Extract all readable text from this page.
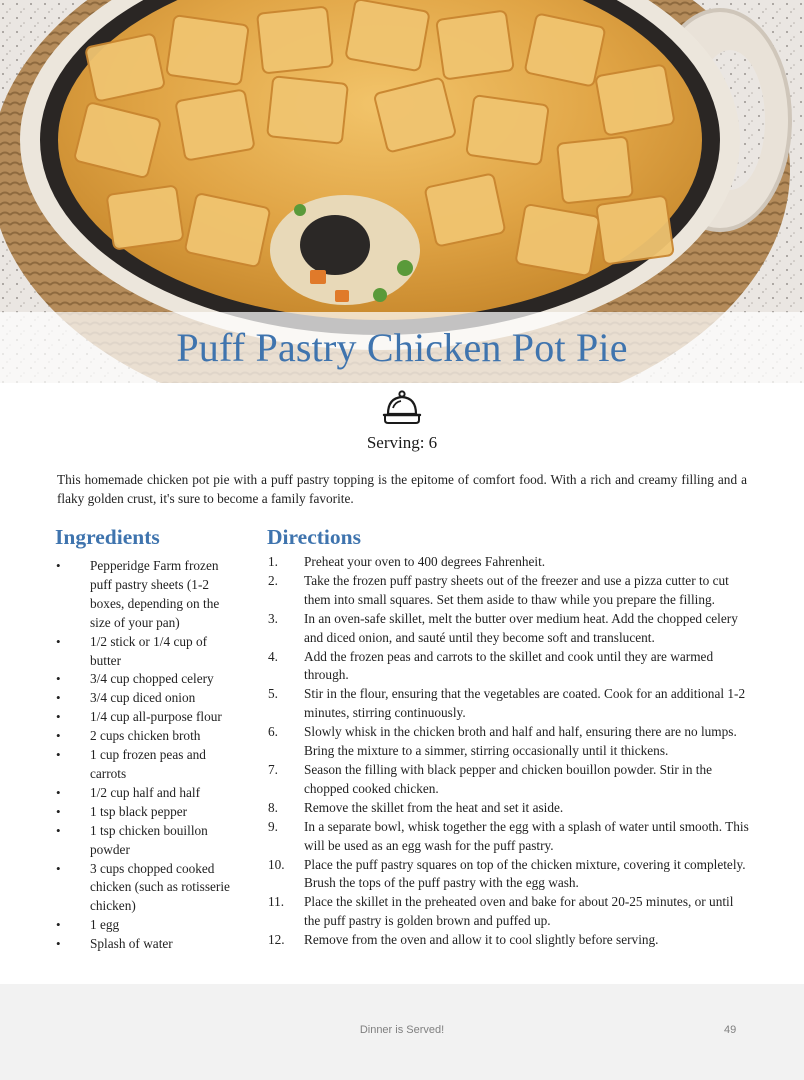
Puff Pastry Chicken Pot Pie
Serving: 6

This homemade chicken pot pie with a puff pastry topping is the epitome of comfort food. With a rich and creamy filling and a flaky golden crust, it's sure to become a family favorite.

Ingredients
• Pepperidge Farm frozen puff pastry sheets (1-2 boxes, depending on the size of your pan)
• 1/2 stick or 1/4 cup of butter
• 3/4 cup chopped celery
• 3/4 cup diced onion
• 1/4 cup all-purpose flour
• 2 cups chicken broth
• 1 cup frozen peas and carrots
• 1/2 cup half and half
• 1 tsp black pepper
• 1 tsp chicken bouillon powder
• 3 cups chopped cooked chicken (such as rotisserie chicken)
• 1 egg
• Splash of water
Directions
1. Preheat your oven to 400 degrees Fahrenheit.
2. Take the frozen puff pastry sheets out of the freezer and use a pizza cutter to cut them into small squares. Set them aside to thaw while you prepare the filling.
3. In an oven-safe skillet, melt the butter over medium heat. Add the chopped celery and diced onion, and sauté until they become soft and translucent.
4. Add the frozen peas and carrots to the skillet and cook until they are warmed through.
5. Stir in the flour, ensuring that the vegetables are coated. Cook for an additional 1-2 minutes, stirring continuously.
6. Slowly whisk in the chicken broth and half and half, ensuring there are no lumps. Bring the mixture to a simmer, stirring occasionally until it thickens.
7. Season the filling with black pepper and chicken bouillon powder. Stir in the chopped cooked chicken.
8. Remove the skillet from the heat and set it aside.
9. In a separate bowl, whisk together the egg with a splash of water until smooth. This will be used as an egg wash for the puff pastry.
10. Place the puff pastry squares on top of the chicken mixture, covering it completely. Brush the tops of the puff pastry with the egg wash.
11. Place the skillet in the preheated oven and bake for about 20-25 minutes, or until the puff pastry is golden brown and puffed up.
12. Remove from the oven and allow it to cool slightly before serving.
Dinner is Served!	49
